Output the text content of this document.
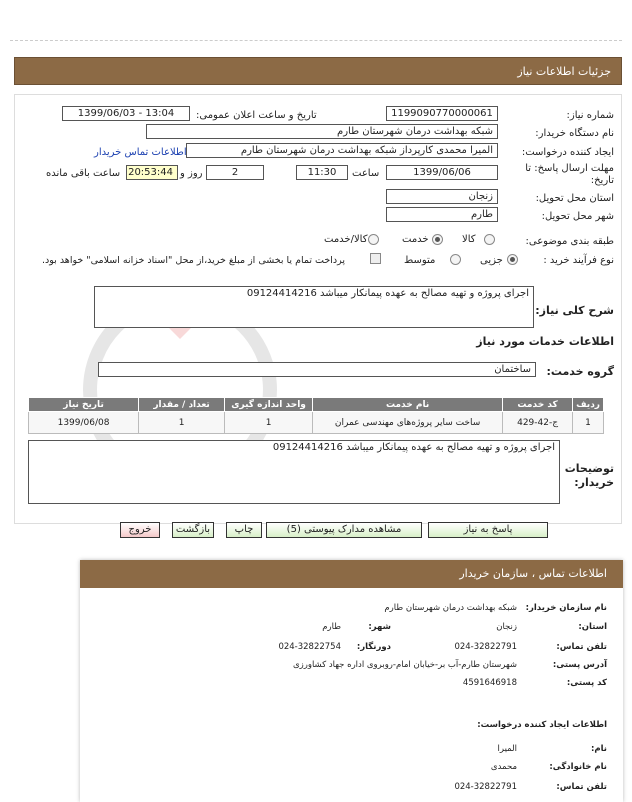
جزئیات اطلاعات نیاز
شماره نیاز:
1199090770000061
تاریخ و ساعت اعلان عمومی:
1399/06/03 - 13:04
نام دستگاه خریدار:
شبکه بهداشت درمان شهرستان طارم
ایجاد کننده درخواست:
المیرا محمدی کارپرداز شبکه بهداشت درمان شهرستان طارم
اطلاعات تماس خریدار
مهلت ارسال پاسخ: تا
تاریخ:
1399/06/06
ساعت
11:30
2
روز و
20:53:44
ساعت باقی مانده
استان محل تحویل:
زنجان
شهر محل تحویل:
طارم
طبقه بندی موضوعی:
کالا
خدمت
کالا/خدمت
نوع فرآیند خرید :
جزیی
متوسط
پرداخت تمام یا بخشی از مبلغ خرید،از محل "اسناد خزانه اسلامی" خواهد بود.
شرح کلی نیاز:
اجرای پروژه و تهیه مصالح به عهده پیمانکار میباشد 09124414216
اطلاعات خدمات مورد نیاز
گروه خدمت:
ساختمان
ردیف	کد خدمت	نام خدمت	واحد اندازه گیری	تعداد / مقدار	تاریخ نیاز
1	ج-42-429	ساخت سایر پروژه‌های مهندسی عمران	1	1	1399/06/08
توضیحات
خریدار:
اجرای پروژه و تهیه مصالح به عهده پیمانکار میباشد 09124414216
پاسخ به نیاز
مشاهده مدارک پیوستی (5)
چاپ
بازگشت
خروج
اطلاعات تماس ، سازمان خریدار
نام سازمان خریدار:
شبکه بهداشت درمان شهرستان طارم
استان:
زنجان
شهر:
طارم
تلفن تماس:
024-32822791
دورنگار:
024-32822754
آدرس پستی:
شهرستان طارم-آب بر-خیابان امام-روبروی اداره جهاد کشاورزی
کد پستی:
4591646918
اطلاعات ایجاد کننده درخواست:
نام:
المیرا
نام خانوادگی:
محمدی
تلفن تماس:
024-32822791
